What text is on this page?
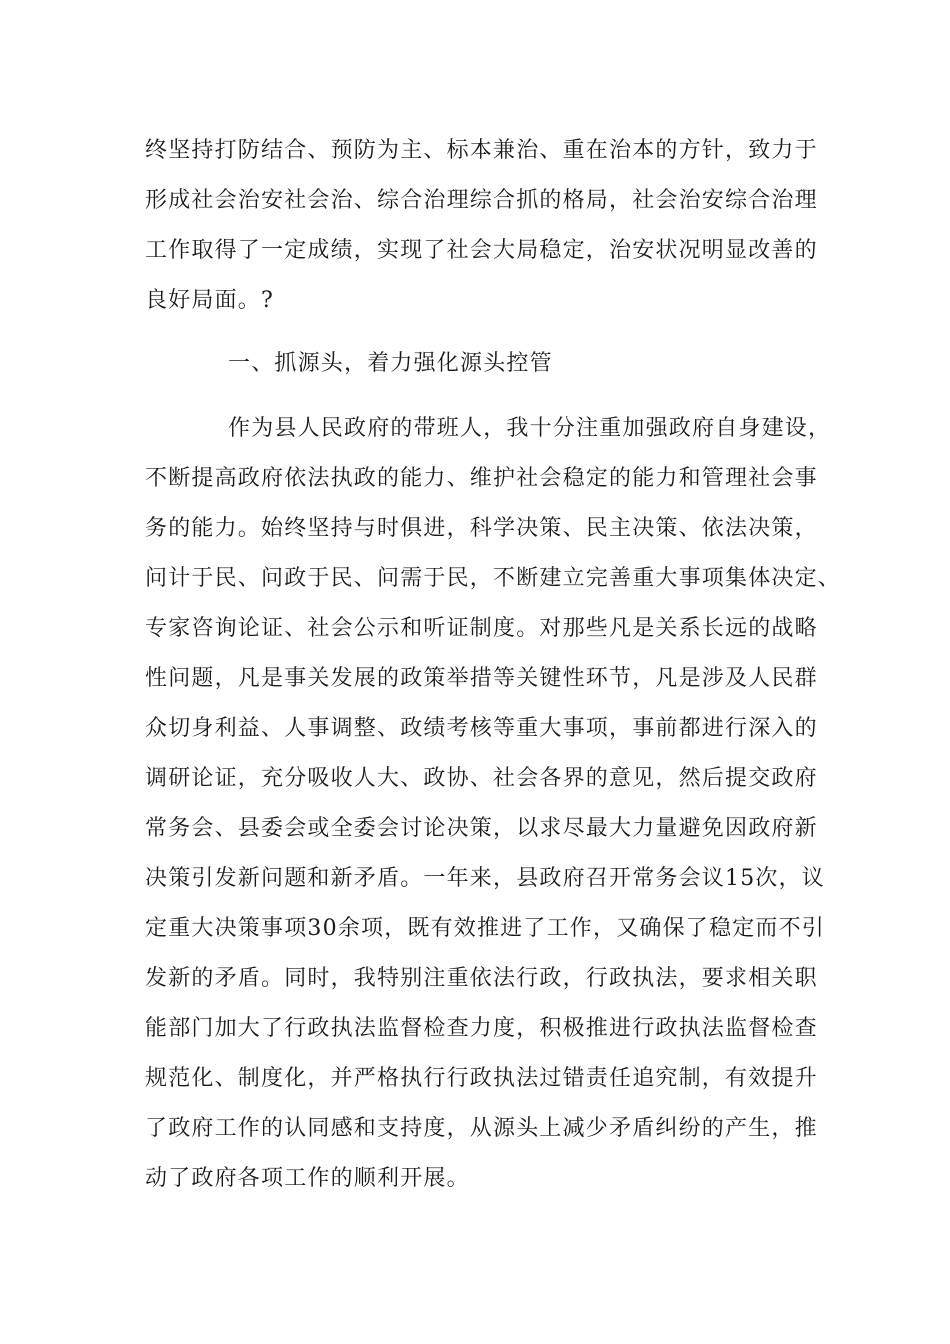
终坚持打防结合、预防为主、标本兼治、重在治本的方针，致力于
形成社会治安社会治、综合治理综合抓的格局，社会治安综合治理
工作取得了一定成绩，实现了社会大局稳定，治安状况明显改善的
良好局面。?
一、抓源头，着力强化源头控管
作为县人民政府的带班人，我十分注重加强政府自身建设，
不断提高政府依法执政的能力、维护社会稳定的能力和管理社会事
务的能力。始终坚持与时俱进，科学决策、民主决策、依法决策，
问计于民、问政于民、问需于民，不断建立完善重大事项集体决定、
专家咨询论证、社会公示和听证制度。对那些凡是关系长远的战略
性问题，凡是事关发展的政策举措等关键性环节，凡是涉及人民群
众切身利益、人事调整、政绩考核等重大事项，事前都进行深入的
调研论证，充分吸收人大、政协、社会各界的意见，然后提交政府
常务会、县委会或全委会讨论决策，以求尽最大力量避免因政府新
决策引发新问题和新矛盾。一年来，县政府召开常务会议15次，议
定重大决策事项30余项，既有效推进了工作，又确保了稳定而不引
发新的矛盾。同时，我特别注重依法行政，行政执法，要求相关职
能部门加大了行政执法监督检查力度，积极推进行政执法监督检查
规范化、制度化，并严格执行行政执法过错责任追究制，有效提升
了政府工作的认同感和支持度，从源头上减少矛盾纠纷的产生，推
动了政府各项工作的顺利开展。
